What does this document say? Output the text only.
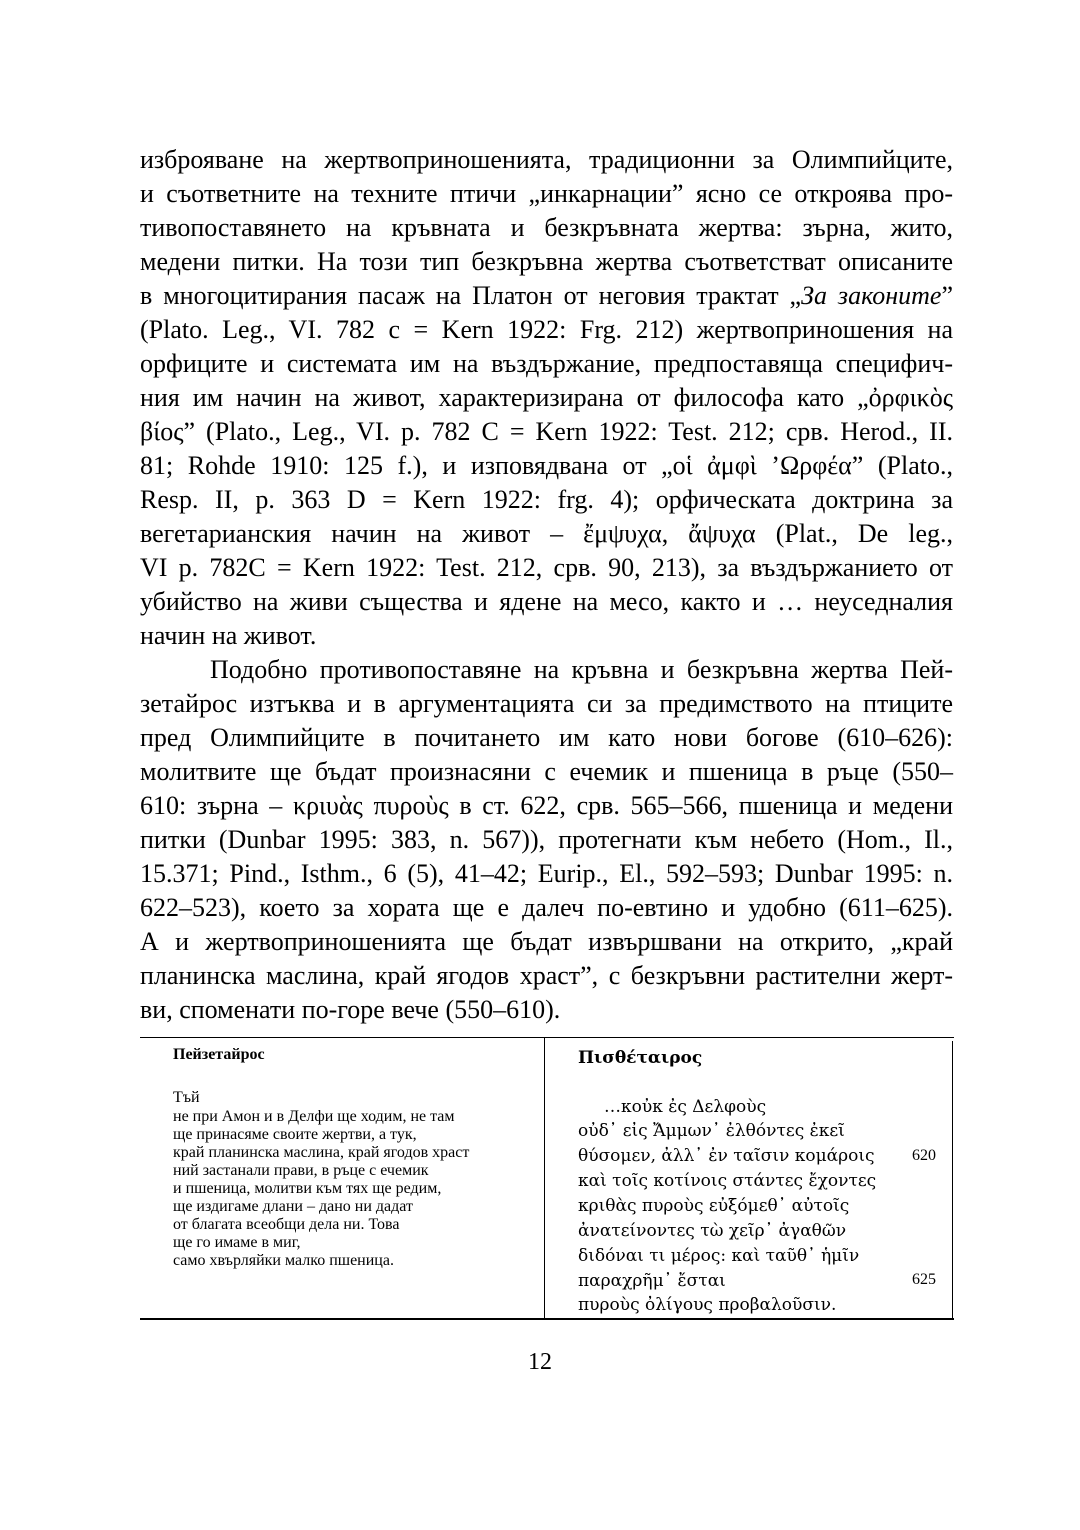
изброяване на жертвоприношенията, традиционни за Олимпийците,
и съответните на техните птичи „инкарнации” ясно се откроява про-
тивопоставянето на кръвната и безкръвната жертва: зърна, жито,
медени питки. На този тип безкръвна жертва съответстват описаните
в многоцитирания пасаж на Платон от неговия трактат „За законите”
(Plato. Leg., VI. 782 c = Kern 1922: Frg. 212) жертвоприношения на
орфиците и системата им на въздържание, предпоставяща специфич-
ния им начин на живот, характеризирана от философа като „ὀρφικὸς
βίος” (Plato., Leg., VI. p. 782 C = Kern 1922: Test. 212; срв. Herod., II.
81; Rohde 1910: 125 f.), и изповядвана от „οἱ ἀμφὶ ’Ωρφέα” (Plato.,
Resp. II, p. 363 D = Kern 1922: frg. 4); орфическата доктрина за
вегетарианския начин на живот – ἔμψυχα, ἄψυχα (Plat., De leg.,
VI p. 782C = Kern 1922: Test. 212, срв. 90, 213), за въздържанието от
убийство на живи същества и ядене на месо, както и … неуседналия
начин на живот.
Подобно противопоставяне на кръвна и безкръвна жертва Пей-
зетайрос изтъква и в аргументацията си за предимството на птиците
пред Олимпийците в почитането им като нови богове (610–626):
молитвите ще бъдат произнасяни с ечемик и пшеница в ръце (550–
610: зърна – κριυὰς πυροὺς в ст. 622, срв. 565–566, пшеница и медени
питки (Dunbar 1995: 383, n. 567)), протегнати към небето (Hom., Il.,
15.371; Pind., Isthm., 6 (5), 41–42; Eurip., El., 592–593; Dunbar 1995: n.
622–523), което за хората ще е далеч по-евтино и удобно (611–625).
А и жертвоприношенията ще бъдат извършвани на открито, „край
планинска маслина, край ягодов храст”, с безкръвни растителни жерт-
ви, споменати по-горе вече (550–610).
Пейзетайрос	Πισθέταιρος
Тъй
не при Амон и в Делфи ще ходим, не там
ще принасяме своите жертви, а тук,
край планинска маслина, край ягодов храст
ний застанали прави, в ръце с ечемик
и пшеница, молитви към тях ще редим,
ще издигаме длани – дано ни дадат
от благата всеобщи дела ни. Това
ще го имаме в миг,
само хвърляйки малко пшеница.
…κοὐκ ἐς Δελφοὺς
οὐδ᾽ εἰς Ἄμμων᾽ ἐλθόντες ἐκεῖ
θύσομεν, ἀλλ᾽ ἐν ταῖσιν κομάροις
καὶ τοῖς κοτίνοις στάντες ἔχοντες
κριθὰς πυροὺς εὐξόμεθ᾽ αὐτοῖς
ἀνατείνοντες τὼ χεῖρ᾽ ἀγαθῶν
διδόναι τι μέρος: καὶ ταῦθ᾽ ἡμῖν
παραχρῆμ᾽ ἔσται
πυροὺς ὀλίγους προβαλοῦσιν.
620
625
12
